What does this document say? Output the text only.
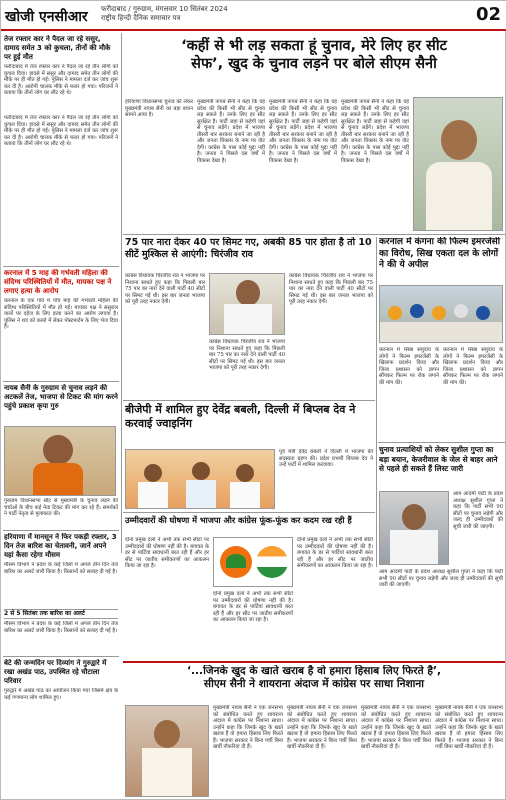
खोजी एनसीआर फरीदाबाद / गुरुग्राम, मंगलवार 10 सितंबर 2024
राष्ट्रीय हिन्दी दैनिक समाचार पत्र	02
तेज रफ्तार कार ने पैदल जा रहे ससुर, दामाद समेत 3 को कुचला, तीनों की मौके पर हुई मौत
फरीदाबाद में तेज रफ्तार कार ने पैदल जा रहे तीन लोगों को कुचल दिया। हादसे में ससुर और दामाद समेत तीन लोगों की मौके पर ही मौत हो गई। पुलिस ने मामला दर्ज कर जांच शुरू कर दी है। आरोपी चालक मौके से फरार हो गया। परिजनों ने बताया कि तीनों लोग घर लौट रहे थे।
फरीदाबाद में तेज रफ्तार कार ने पैदल जा रहे तीन लोगों को कुचल दिया। हादसे में ससुर और दामाद समेत तीन लोगों की मौके पर ही मौत हो गई। पुलिस ने मामला दर्ज कर जांच शुरू कर दी है। आरोपी चालक मौके से फरार हो गया। परिजनों ने बताया कि तीनों लोग घर लौट रहे थे।
करनाल में 5 माह की गर्भवती महिला की संदिग्ध परिस्थितियों में मौत, मायका पक्ष ने लगाए हत्या के आरोप
करनाल के एक गांव में पांच माह की गर्भवती महिला की संदिग्ध परिस्थितियों में मौत हो गई। मायका पक्ष ने ससुराल वालों पर दहेज के लिए हत्या करने का आरोप लगाया है। पुलिस ने शव को कब्जे में लेकर पोस्टमार्टम के लिए भेज दिया है।
नायब सैनी के गुरुग्राम से चुनाव लड़ने की अटकलें तेज, भाजपा से टिकट की मांग करने पहुंचे प्रकाश कृपा गुरु
गुरुग्राम विधानसभा सीट से मुख्यमंत्री के चुनाव लड़ने की चर्चाओं के बीच कई नेता टिकट की मांग कर रहे हैं। समर्थकों ने पार्टी नेतृत्व से मुलाकात की।
हरियाणा में मानसून ने फिर पकड़ी रफ्तार, 3 दिन तेज बारिश का चेतावनी, जानें अपने यहां कैसा रहेगा मौसम
मौसम विभाग ने प्रदेश के कई जिलों में अगले तीन दिन तेज बारिश का अलर्ट जारी किया है। किसानों को सलाह दी गई है।
2 से 5 सितंबर तक बारिश का अलर्ट
मौसम विभाग ने प्रदेश के कई जिलों में अगले तीन दिन तेज बारिश का अलर्ट जारी किया है। किसानों को सलाह दी गई है।
बेटे की जन्मदिन पर दिव्यांग ने गुरुद्वारे में रखा अखंड पाठ, उपस्थित रहे चौटाला परिवार
गुरुद्वारे में अखंड पाठ का आयोजन किया गया जिसमें क्षेत्र के कई गणमान्य लोग शामिल हुए।
‘कहीं से भी लड़ सकता हूं चुनाव, मेरे लिए हर सीट
सेफ’, खुद के चुनाव लड़ने पर बोले सीएम सैनी
हरियाणा विधानसभा चुनाव को लेकर मुख्यमंत्री नायब सैनी का बड़ा बयान सामने आया है।
मुख्यमंत्री नायब सैनी ने कहा कि वह प्रदेश की किसी भी सीट से चुनाव लड़ सकते हैं। उनके लिए हर सीट सुरक्षित है। पार्टी जहां से कहेगी वहां से चुनाव लड़ेंगे। प्रदेश में भाजपा तीसरी बार सरकार बनाने जा रही है और जनता विकास के नाम पर वोट देगी। कांग्रेस के पास कोई मुद्दा नहीं है। जनता ने पिछले दस वर्षों में विकास देखा है।
मुख्यमंत्री नायब सैनी ने कहा कि वह प्रदेश की किसी भी सीट से चुनाव लड़ सकते हैं। उनके लिए हर सीट सुरक्षित है। पार्टी जहां से कहेगी वहां से चुनाव लड़ेंगे। प्रदेश में भाजपा तीसरी बार सरकार बनाने जा रही है और जनता विकास के नाम पर वोट देगी। कांग्रेस के पास कोई मुद्दा नहीं है। जनता ने पिछले दस वर्षों में विकास देखा है।
मुख्यमंत्री नायब सैनी ने कहा कि वह प्रदेश की किसी भी सीट से चुनाव लड़ सकते हैं। उनके लिए हर सीट सुरक्षित है। पार्टी जहां से कहेगी वहां से चुनाव लड़ेंगे। प्रदेश में भाजपा तीसरी बार सरकार बनाने जा रही है और जनता विकास के नाम पर वोट देगी। कांग्रेस के पास कोई मुद्दा नहीं है। जनता ने पिछले दस वर्षों में विकास देखा है।
75 पार नारा देकर 40 पर सिमट गए, अबकी 85 पार होता है तो 10 सीटें मुश्किल से आएंगी: चिरंजीव राव
कांग्रेस विधायक चिरंजीव राव ने भाजपा पर निशाना साधते हुए कहा कि पिछली बार 75 पार का नारा देने वाली पार्टी 40 सीटों पर सिमट गई थी। इस बार जनता भाजपा को पूरी तरह नकार देगी।
कांग्रेस विधायक चिरंजीव राव ने भाजपा पर निशाना साधते हुए कहा कि पिछली बार 75 पार का नारा देने वाली पार्टी 40 सीटों पर सिमट गई थी। इस बार जनता भाजपा को पूरी तरह नकार देगी।
कांग्रेस विधायक चिरंजीव राव ने भाजपा पर निशाना साधते हुए कहा कि पिछली बार 75 पार का नारा देने वाली पार्टी 40 सीटों पर सिमट गई थी। इस बार जनता भाजपा को पूरी तरह नकार देगी।
बीजेपी में शामिल हुए देवेंद्र बबली, दिल्ली में बिप्लब देव ने करवाई ज्वाइनिंग
पूर्व मंत्री देवेंद्र बबली ने दिल्ली में भाजपा की सदस्यता ग्रहण की। प्रदेश प्रभारी बिप्लब देव ने उन्हें पार्टी में शामिल करवाया।
उम्मीदवारों की घोषणा में भाजपा और कांग्रेस फूंक-फूंक कर कदम रख रही हैं
दोनों प्रमुख दलों ने अभी तक सभी सीटों पर उम्मीदवारों की घोषणा नहीं की है। बगावत के डर से पार्टियां सावधानी बरत रही हैं और हर सीट पर जातीय समीकरणों का आकलन किया जा रहा है।
दोनों प्रमुख दलों ने अभी तक सभी सीटों पर उम्मीदवारों की घोषणा नहीं की है। बगावत के डर से पार्टियां सावधानी बरत रही हैं और हर सीट पर जातीय समीकरणों का आकलन किया जा रहा है।
दोनों प्रमुख दलों ने अभी तक सभी सीटों पर उम्मीदवारों की घोषणा नहीं की है। बगावत के डर से पार्टियां सावधानी बरत रही हैं और हर सीट पर जातीय समीकरणों का आकलन किया जा रहा है।
करनाल में कंगना की फिल्म इमरजेंसी का विरोध, सिख एकता दल के लोगों ने की ये अपील
करनाल में सिख समुदाय के लोगों ने फिल्म इमरजेंसी के खिलाफ प्रदर्शन किया और जिला प्रशासन को ज्ञापन सौंपकर फिल्म पर रोक लगाने की मांग की।
करनाल में सिख समुदाय के लोगों ने फिल्म इमरजेंसी के खिलाफ प्रदर्शन किया और जिला प्रशासन को ज्ञापन सौंपकर फिल्म पर रोक लगाने की मांग की।
चुनाव प्रत्याशियों को लेकर सुशील गुप्ता का बड़ा बयान, केजरीवाल के जेल से बाहर आने से पहले ही सकते हैं लिस्ट जारी
आम आदमी पार्टी के प्रदेश अध्यक्ष सुशील गुप्ता ने कहा कि पार्टी सभी 90 सीटों पर चुनाव लड़ेगी और जल्द ही उम्मीदवारों की सूची जारी की जाएगी।
आम आदमी पार्टी के प्रदेश अध्यक्ष सुशील गुप्ता ने कहा कि पार्टी सभी 90 सीटों पर चुनाव लड़ेगी और जल्द ही उम्मीदवारों की सूची जारी की जाएगी।
‘...जिनके खुद के खाते खराब है वो हमारा हिसाब लिए फिरते है’,
सीएम सैनी ने शायराना अंदाज में कांग्रेस पर साधा निशाना
मुख्यमंत्री नायब सैनी ने एक जनसभा को संबोधित करते हुए शायराना अंदाज में कांग्रेस पर निशाना साधा। उन्होंने कहा कि जिनके खुद के खाते खराब हैं वो हमारा हिसाब लिए फिरते हैं। भाजपा सरकार ने बिना पर्ची बिना खर्ची नौकरियां दी हैं।
मुख्यमंत्री नायब सैनी ने एक जनसभा को संबोधित करते हुए शायराना अंदाज में कांग्रेस पर निशाना साधा। उन्होंने कहा कि जिनके खुद के खाते खराब हैं वो हमारा हिसाब लिए फिरते हैं। भाजपा सरकार ने बिना पर्ची बिना खर्ची नौकरियां दी हैं।
मुख्यमंत्री नायब सैनी ने एक जनसभा को संबोधित करते हुए शायराना अंदाज में कांग्रेस पर निशाना साधा। उन्होंने कहा कि जिनके खुद के खाते खराब हैं वो हमारा हिसाब लिए फिरते हैं। भाजपा सरकार ने बिना पर्ची बिना खर्ची नौकरियां दी हैं।
मुख्यमंत्री नायब सैनी ने एक जनसभा को संबोधित करते हुए शायराना अंदाज में कांग्रेस पर निशाना साधा। उन्होंने कहा कि जिनके खुद के खाते खराब हैं वो हमारा हिसाब लिए फिरते हैं। भाजपा सरकार ने बिना पर्ची बिना खर्ची नौकरियां दी हैं।
